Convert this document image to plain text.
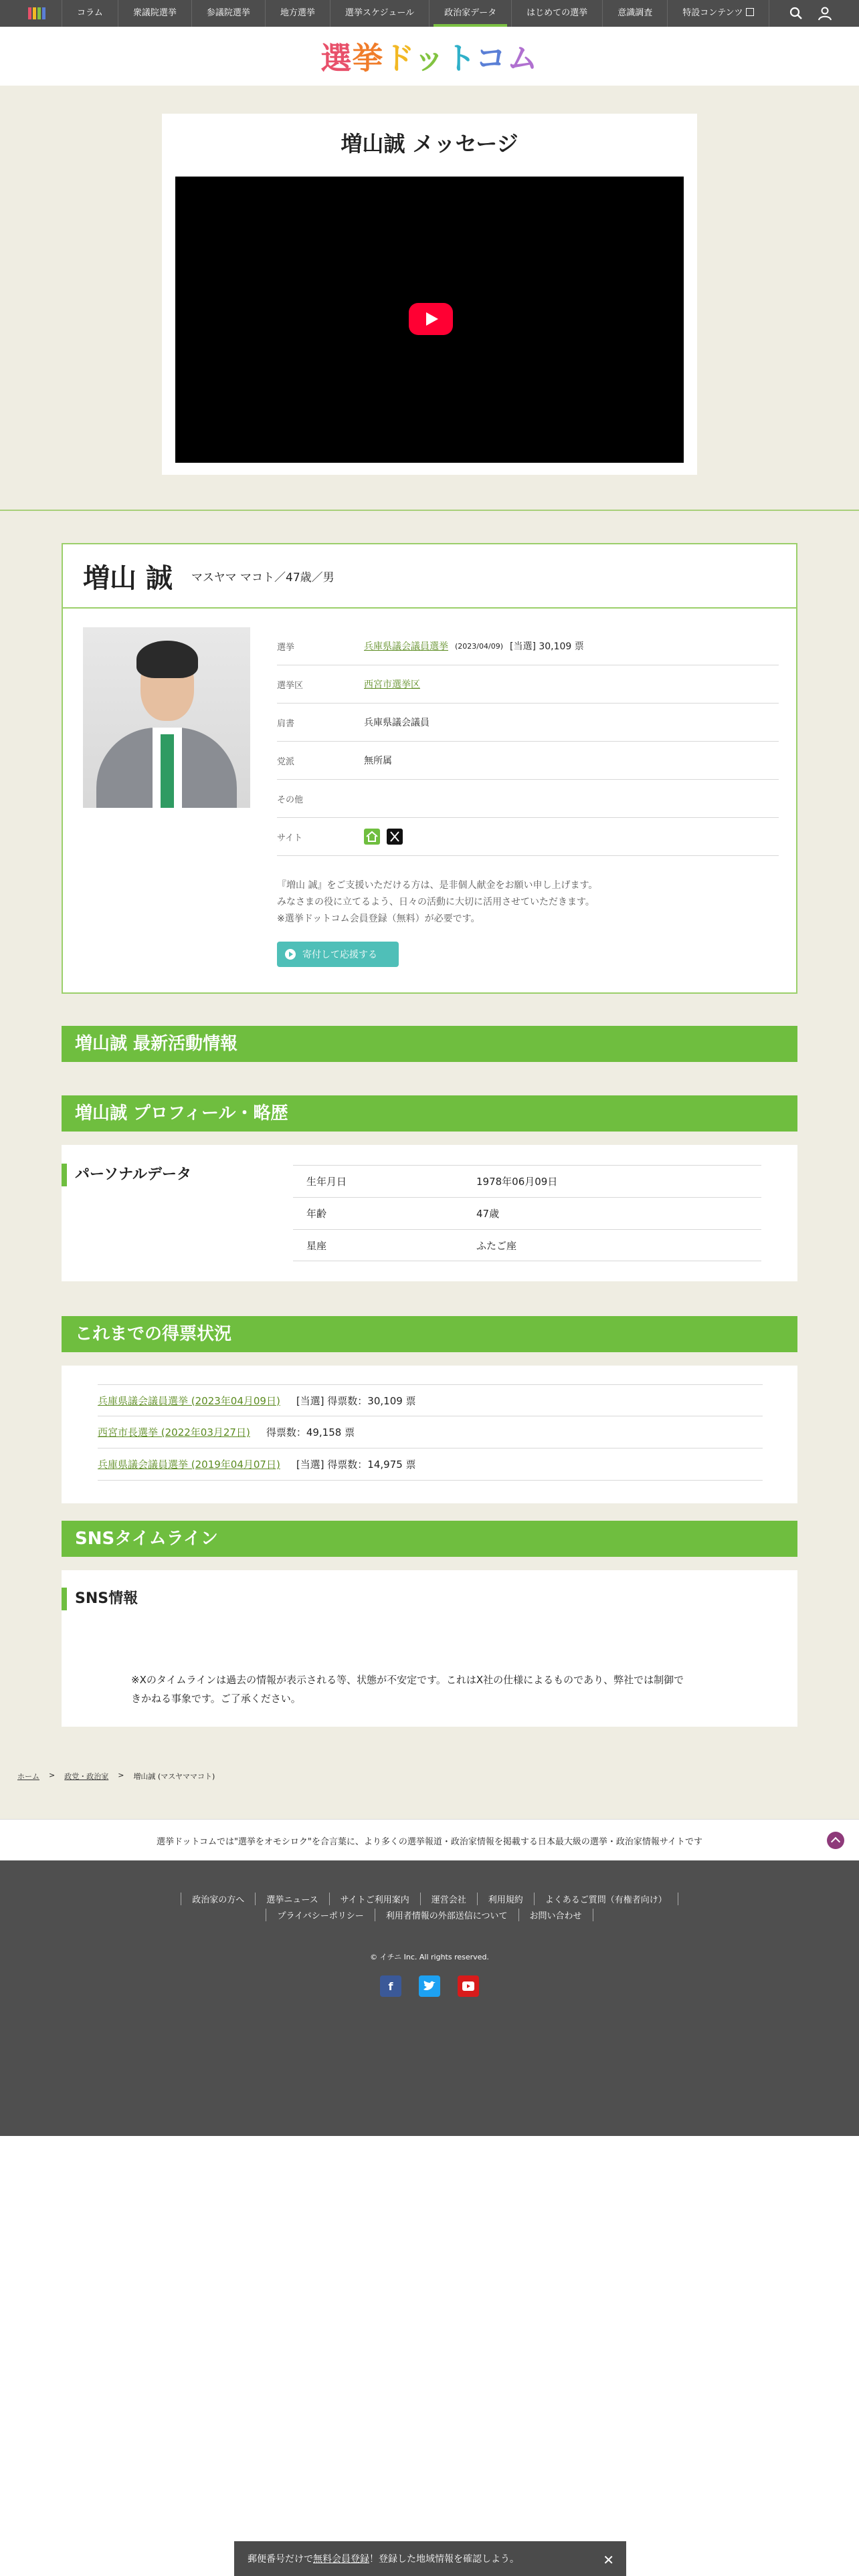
コラム	衆議院選挙	参議院選挙	地方選挙	選挙スケジュール	政治家データ	はじめての選挙	意識調査	特設コンテンツ
選挙ドットコム
増山誠 メッセージ
増山 誠 マスヤマ マコト／47歳／男
選挙	兵庫県議会議員選挙 (2023/04/09) [当選] 30,109 票
選挙区	西宮市選挙区
肩書	兵庫県議会議員
党派	無所属
その他
サイト
『増山 誠』をご支援いただける方は、是非個人献金をお願い申し上げます。
みなさまの役に立てるよう、日々の活動に大切に活用させていただきます。
※選挙ドットコム会員登録（無料）が必要です。
寄付して応援する
増山誠 最新活動情報
増山誠 プロフィール・略歴
パーソナルデータ	生年月日	1978年06月09日
年齢	47歳
星座	ふたご座
これまでの得票状況
兵庫県議会議員選挙 (2023年04月09日) [当選] 得票数：30,109 票
西宮市長選挙 (2022年03月27日) 得票数：49,158 票
兵庫県議会議員選挙 (2019年04月07日) [当選] 得票数：14,975 票
SNSタイムライン
SNS情報
※Xのタイムラインは過去の情報が表示される等、状態が不安定です。これはX社の仕様によるものであり、弊社では制御で
きかねる事象です。ご了承ください。
ホーム > 政党・政治家 > 増山誠 (マスヤママコト)
選挙ドットコムでは"選挙をオモシロク"を合言葉に、より多くの選挙報道・政治家情報を掲載する日本最大級の選挙・政治家情報サイトです
政治家の方へ	選挙ニュース	サイトご利用案内	運営会社	利用規約	よくあるご質問（有権者向け）
プライバシーポリシー	利用者情報の外部送信について	お問い合わせ
© イチニ Inc. All rights reserved.
f
郵便番号だけで 無料会員登録 ！登録した地域情報を確認しよう。	✕
